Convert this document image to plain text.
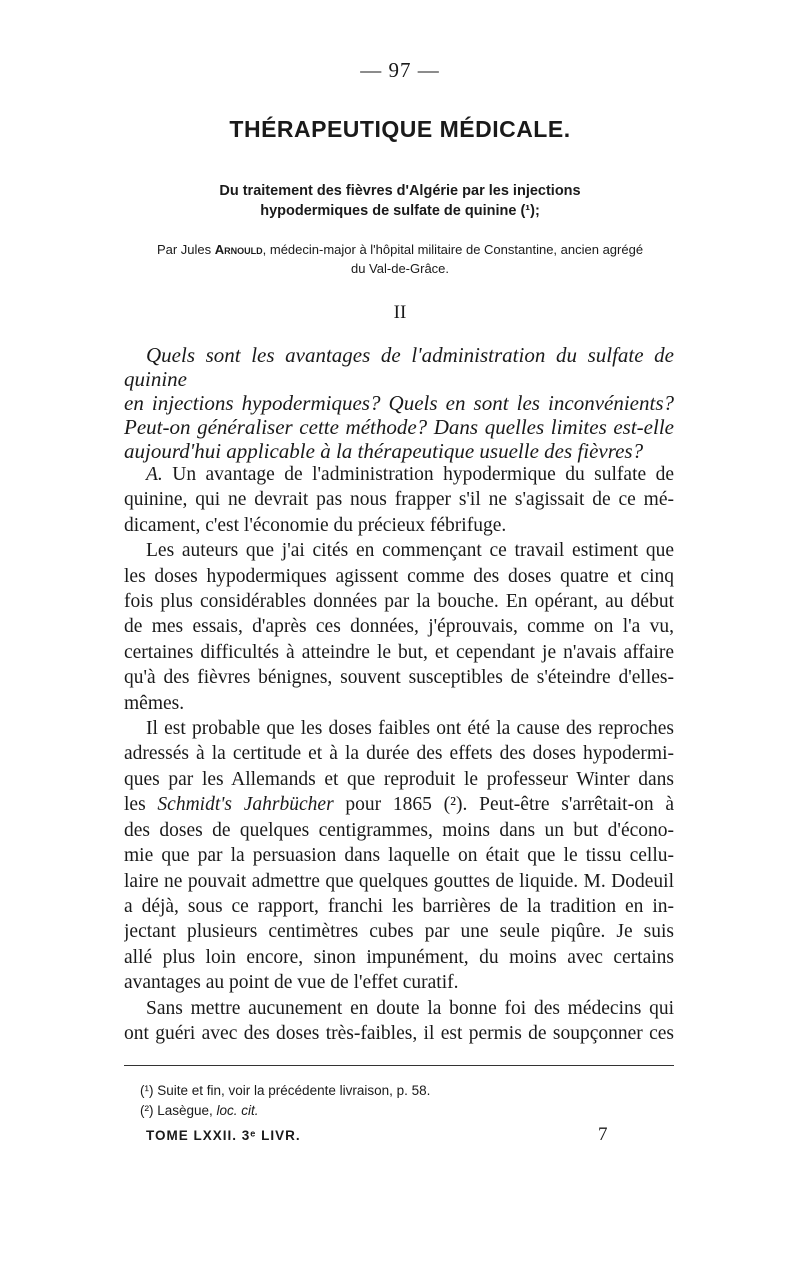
— 97 —
THÉRAPEUTIQUE MÉDICALE.
Du traitement des fièvres d'Algérie par les injections
hypodermiques de sulfate de quinine (¹);
Par Jules Arnould, médecin-major à l'hôpital militaire de Constantine, ancien agrégé
du Val-de-Grâce.
II
Quels sont les avantages de l'administration du sulfate de quinine
en injections hypodermiques? Quels en sont les inconvénients?
Peut-on généraliser cette méthode? Dans quelles limites est-elle
aujourd'hui applicable à la thérapeutique usuelle des fièvres?
A. Un avantage de l'administration hypodermique du sulfate de
quinine, qui ne devrait pas nous frapper s'il ne s'agissait de ce mé-
dicament, c'est l'économie du précieux fébrifuge.
Les auteurs que j'ai cités en commençant ce travail estiment que
les doses hypodermiques agissent comme des doses quatre et cinq
fois plus considérables données par la bouche. En opérant, au début
de mes essais, d'après ces données, j'éprouvais, comme on l'a vu,
certaines difficultés à atteindre le but, et cependant je n'avais affaire
qu'à des fièvres bénignes, souvent susceptibles de s'éteindre d'elles-
mêmes.
Il est probable que les doses faibles ont été la cause des reproches
adressés à la certitude et à la durée des effets des doses hypodermi-
ques par les Allemands et que reproduit le professeur Winter dans
les Schmidt's Jahrbücher pour 1865 (²). Peut-être s'arrêtait-on à
des doses de quelques centigrammes, moins dans un but d'écono-
mie que par la persuasion dans laquelle on était que le tissu cellu-
laire ne pouvait admettre que quelques gouttes de liquide. M. Dodeuil
a déjà, sous ce rapport, franchi les barrières de la tradition en in-
jectant plusieurs centimètres cubes par une seule piqûre. Je suis
allé plus loin encore, sinon impunément, du moins avec certains
avantages au point de vue de l'effet curatif.
Sans mettre aucunement en doute la bonne foi des médecins qui
ont guéri avec des doses très-faibles, il est permis de soupçonner ces
(¹) Suite et fin, voir la précédente livraison, p. 58.
(²) Lasègue, loc. cit.
TOME LXXII. 3ᵉ LIVR.	7
